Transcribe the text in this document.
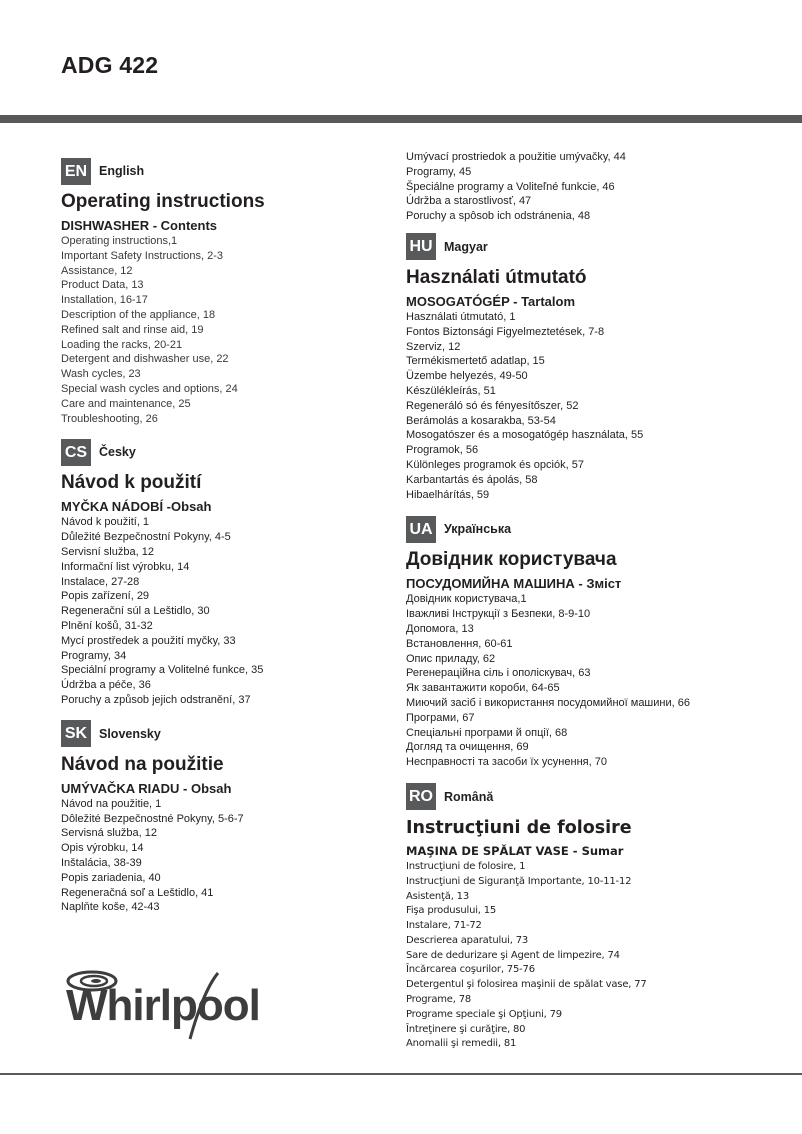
ADG 422
EN English
Operating instructions
DISHWASHER - Contents
Operating instructions,1
Important Safety Instructions, 2-3
Assistance, 12
Product Data, 13
Installation, 16-17
Description of the appliance, 18
Refined salt and rinse aid, 19
Loading the racks, 20-21
Detergent and dishwasher use, 22
Wash cycles, 23
Special wash cycles and options, 24
Care and maintenance, 25
Troubleshooting, 26
CS Česky
Návod k použití
MYČKA NÁDOBÍ -Obsah
Návod k použití, 1
Důležité Bezpečnostní Pokyny, 4-5
Servisní služba, 12
Informační list výrobku, 14
Instalace, 27-28
Popis zařízení, 29
Regenerační súl a Leštidlo, 30
Plnění košů, 31-32
Mycí prostředek a použití myčky, 33
Programy, 34
Speciální programy a Volitelné funkce, 35
Údržba a péče, 36
Poruchy a způsob jejich odstranění, 37
SK Slovensky
Návod na použitie
UMÝVAČKA RIADU - Obsah
Návod na použitie, 1
Dôležité Bezpečnostné Pokyny, 5-6-7
Servisná služba, 12
Opis výrobku, 14
Inštalácia, 38-39
Popis zariadenia, 40
Regeneračná soľ a Leštidlo, 41
Naplňte koše, 42-43
Umývací prostriedok a použitie umývačky, 44
Programy, 45
Špeciálne programy a Voliteľné funkcie, 46
Údržba a starostlivosť, 47
Poruchy a spôsob ich odstránenia, 48
HU Magyar
Használati útmutató
MOSOGATÓGÉP - Tartalom
Használati útmutató, 1
Fontos Biztonsági Figyelmeztetések, 7-8
Szerviz, 12
Termékismertető adatlap, 15
Üzembe helyezés, 49-50
Készülékleírás, 51
Regeneráló só és fényesítőszer, 52
Berámolás a kosarakba, 53-54
Mosogatószer és a mosogatógép használata, 55
Programok, 56
Különleges programok és opciók, 57
Karbantartás és ápolás, 58
Hibaelhárítás, 59
UA Українська
Довідник користувача
ПОСУДОМИЙНА МАШИНА - Зміст
Довідник користувача,1
Іважливі Інструкції з Безпеки, 8-9-10
Допомога, 13
Встановлення, 60-61
Опис приладу, 62
Регенераційна сіль і ополіскувач, 63
Як завантажити короби, 64-65
Миючий засіб і використання посудомийної машини, 66
Програми, 67
Спеціальні програми й опції, 68
Догляд та очищення, 69
Несправності та засоби їх усунення, 70
RO Română
Instrucţiuni de folosire
MAŞINA DE SPĂLAT VASE - Sumar
Instrucţiuni de folosire, 1
Instrucţiuni de Siguranţă Importante, 10-11-12
Asistenţă, 13
Fişa produsului, 15
Instalare, 71-72
Descrierea aparatului, 73
Sare de dedurizare şi Agent de limpezire, 74
Încărcarea coşurilor, 75-76
Detergentul şi folosirea maşinii de spălat vase, 77
Programe, 78
Programe speciale şi Opţiuni, 79
Întreţinere şi curăţire, 80
Anomalii şi remedii, 81
Whirlpool
